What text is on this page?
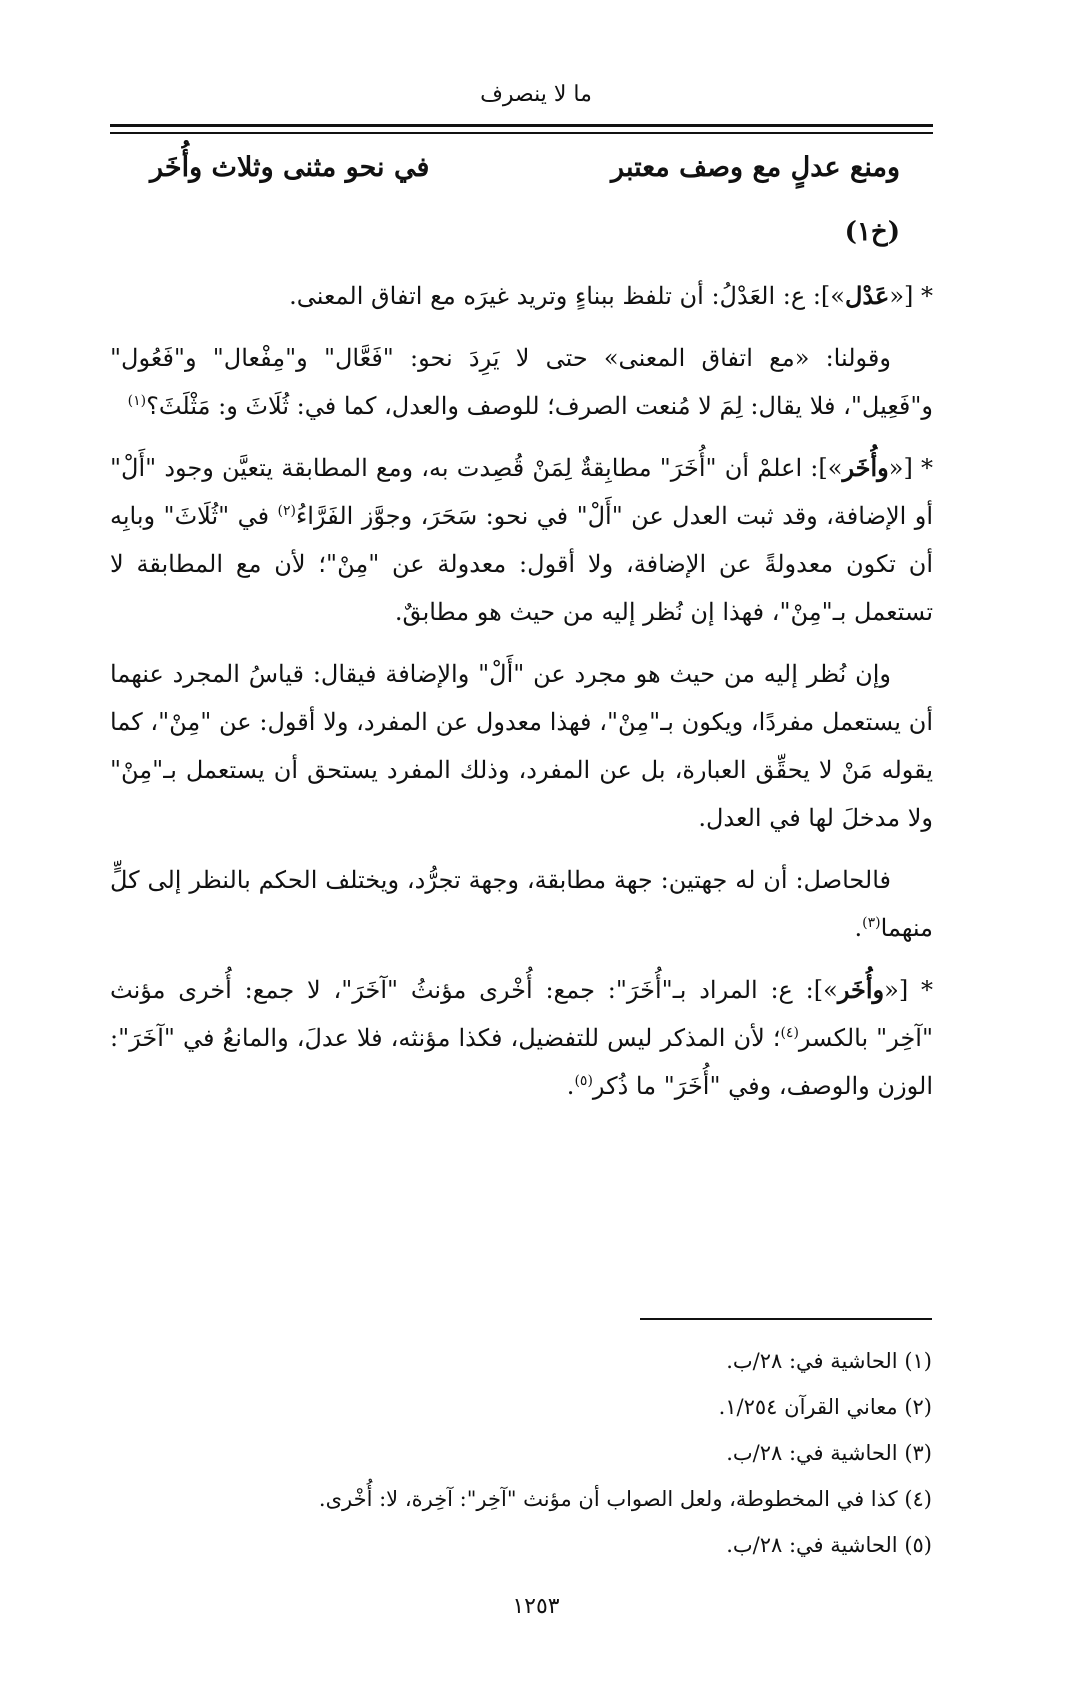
ما لا ينصرف
ومنع عدلٍ مع وصف معتبر
في نحو مثنى وثلاث وأُخَر
(خ١)

* [«عَدْل»]: ع: العَدْلُ: أن تلفظ ببناءٍ وتريد غيرَه مع اتفاق المعنى.

وقولنا: «مع اتفاق المعنى» حتى لا يَرِدَ نحو: "فَعَّال" و"مِفْعال" و"فَعُول" و"فَعِيل"، فلا يقال: لِمَ لا مُنعت الصرف؛ للوصف والعدل، كما في: ثُلَاثَ و: مَثْلَثَ؟$^{(١)}$

* [«وأُخَر»]: اعلمْ أن "أُخَرَ" مطابِقةٌ لِمَنْ قُصِدت به، ومع المطابقة يتعيَّن وجود "أَلْ" أو الإضافة، وقد ثبت العدل عن "أَلْ" في نحو: سَحَرَ، وجوَّز الفَرَّاءُ$^{(٢)}$ في "ثُلَاثَ" وبابِه أن تكون معدولةً عن الإضافة، ولا أقول: معدولة عن "مِنْ"؛ لأن مع المطابقة لا تستعمل بـ"مِنْ"، فهذا إن نُظر إليه من حيث هو مطابقٌ.

وإن نُظر إليه من حيث هو مجرد عن "أَلْ" والإضافة فيقال: قياسُ المجرد عنهما أن يستعمل مفردًا، ويكون بـ"مِنْ"، فهذا معدول عن المفرد، ولا أقول: عن "مِنْ"، كما يقوله مَنْ لا يحقِّق العبارة، بل عن المفرد، وذلك المفرد يستحق أن يستعمل بـ"مِنْ" ولا مدخلَ لها في العدل.

فالحاصل: أن له جهتين: جهة مطابقة، وجهة تجرُّد، ويختلف الحكم بالنظر إلى كلٍّ منهما$^{(٣)}$.

* [«وأُخَر»]: ع: المراد بـ"أُخَرَ": جمع: أُخْرى مؤنثُ "آخَرَ"، لا جمع: أُخرى مؤنث "آخِر" بالكسر$^{(٤)}$؛ لأن المذكر ليس للتفضيل، فكذا مؤنثه، فلا عدلَ، والمانعُ في "آخَرَ": الوزن والوصف، وفي "أُخَرَ" ما ذُكر$^{(٥)}$.

(١) الحاشية في: ٢٨/ب.
(٢) معاني القرآن ١/٢٥٤.
(٣) الحاشية في: ٢٨/ب.
(٤) كذا في المخطوطة، ولعل الصواب أن مؤنث "آخِر": آخِرة، لا: أُخْرى.
(٥) الحاشية في: ٢٨/ب.
١٢٥٣
